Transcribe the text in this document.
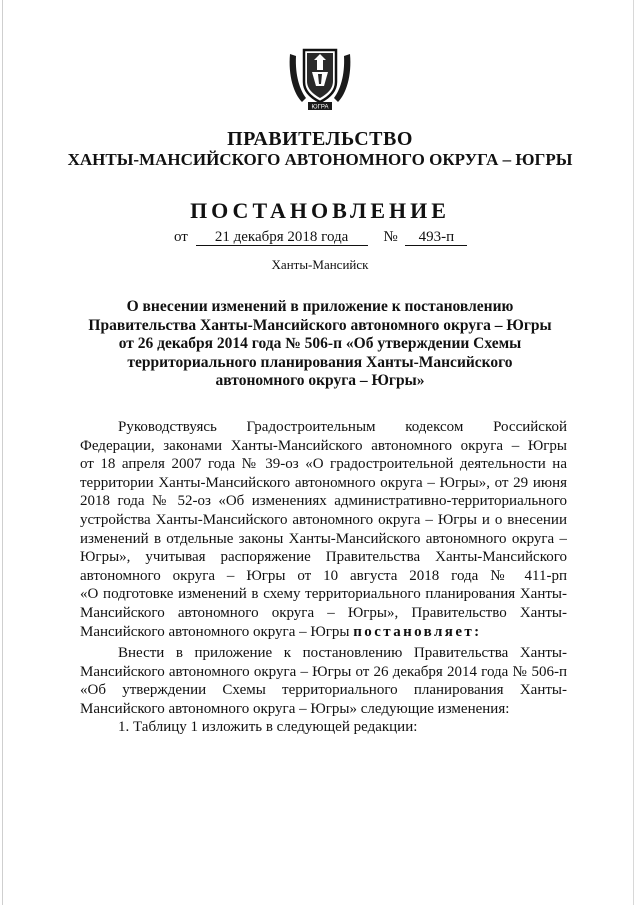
ЮГРА
ПРАВИТЕЛЬСТВО
ХАНТЫ-МАНСИЙСКОГО АВТОНОМНОГО ОКРУГА – ЮГРЫ
ПОСТАНОВЛЕНИЕ
от 21 декабря 2018 года № 493-п
Ханты-Мансийск
О внесении изменений в приложение к постановлению
Правительства Ханты-Мансийского автономного округа – Югры
от 26 декабря 2014 года № 506-п «Об утверждении Схемы
территориального планирования Ханты-Мансийского
автономного округа – Югры»
Руководствуясь Градостроительным кодексом Российской
Федерации, законами Ханты-Мансийского автономного округа – Югры
от 18 апреля 2007 года № 39-оз «О градостроительной деятельности на
территории Ханты-Мансийского автономного округа – Югры», от 29 июня
2018 года № 52-оз «Об изменениях административно-территориального
устройства Ханты-Мансийского автономного округа – Югры и о внесении
изменений в отдельные законы Ханты-Мансийского автономного округа –
Югры», учитывая распоряжение Правительства Ханты-Мансийского
автономного округа – Югры от 10 августа 2018 года № 411-рп
«О подготовке изменений в схему территориального планирования Ханты-
Мансийского автономного округа – Югры», Правительство Ханты-
Мансийского автономного округа – Югры постановляет:
Внести в приложение к постановлению Правительства Ханты-
Мансийского автономного округа – Югры от 26 декабря 2014 года № 506-п
«Об утверждении Схемы территориального планирования Ханты-
Мансийского автономного округа – Югры» следующие изменения:
1. Таблицу 1 изложить в следующей редакции:
